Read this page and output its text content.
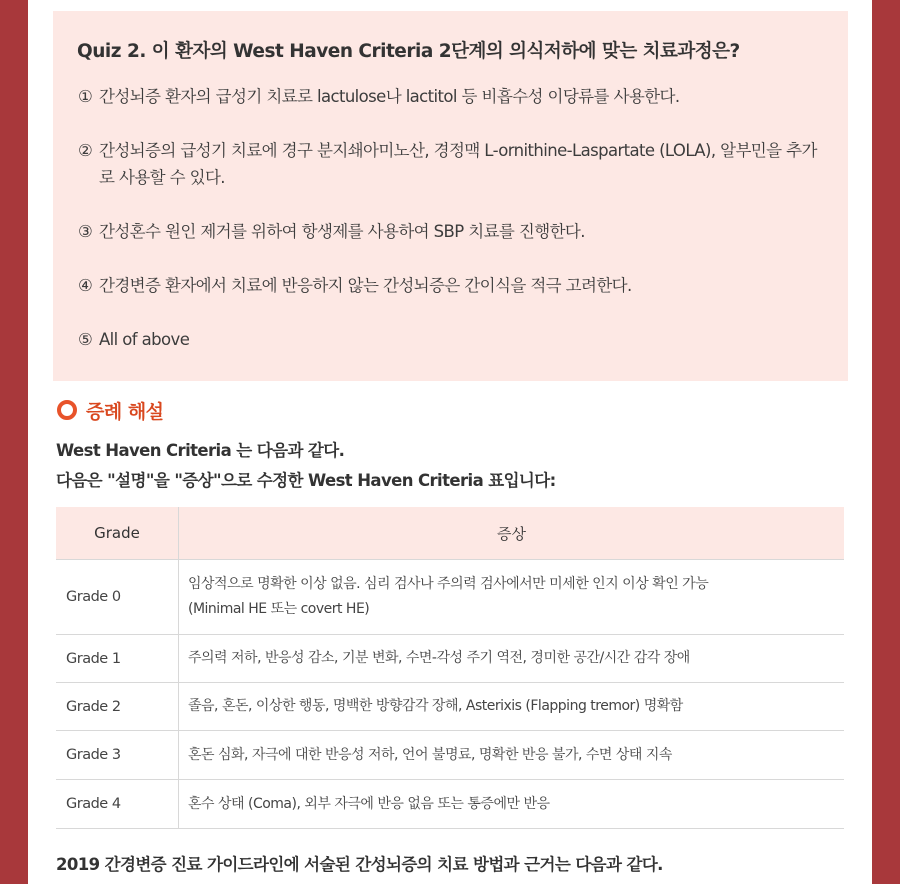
Quiz 2. 이 환자의 West Haven Criteria 2단계의 의식저하에 맞는 치료과정은?
① 간성뇌증 환자의 급성기 치료로 lactulose나 lactitol 등 비흡수성 이당류를 사용한다.
② 간성뇌증의 급성기 치료에 경구 분지쇄아미노산, 경정맥 L-ornithine-Laspartate (LOLA), 알부민을 추가로 사용할 수 있다.
③ 간성혼수 원인 제거를 위하여 항생제를 사용하여 SBP 치료를 진행한다.
④ 간경변증 환자에서 치료에 반응하지 않는 간성뇌증은 간이식을 적극 고려한다.
⑤ All of above
증례 해설
West Haven Criteria 는 다음과 같다.
다음은 "설명"을 "증상"으로 수정한 West Haven Criteria 표입니다:
Grade	증상
Grade 0	임상적으로 명확한 이상 없음. 심리 검사나 주의력 검사에서만 미세한 인지 이상 확인 가능 (Minimal HE 또는 covert HE)
Grade 1	주의력 저하, 반응성 감소, 기분 변화, 수면-각성 주기 역전, 경미한 공간/시간 감각 장애
Grade 2	졸음, 혼돈, 이상한 행동, 명백한 방향감각 장해, Asterixis (Flapping tremor) 명확함
Grade 3	혼돈 심화, 자극에 대한 반응성 저하, 언어 불명료, 명확한 반응 불가, 수면 상태 지속
Grade 4	혼수 상태 (Coma), 외부 자극에 반응 없음 또는 통증에만 반응
2019 간경변증 진료 가이드라인에 서술된 간성뇌증의 치료 방법과 근거는 다음과 같다.
